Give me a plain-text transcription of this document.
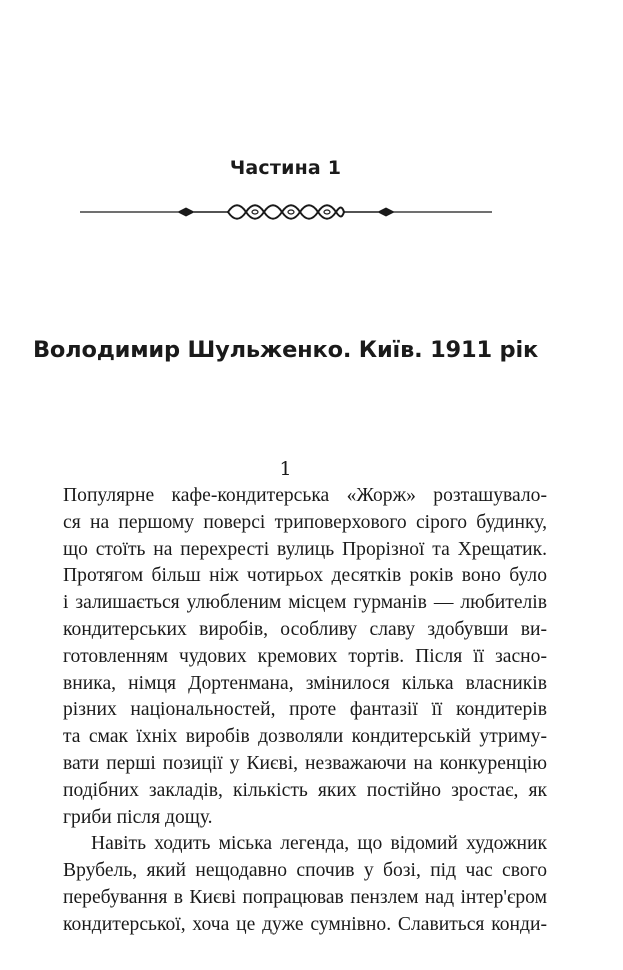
Частина 1
Володимир Шульженко. Київ. 1911 рік
1
Популярне кафе-кондитерська «Жорж» розташувало-
ся на першому поверсі триповерхового сірого будинку,
що стоїть на перехресті вулиць Прорізної та Хрещатик.
Протягом більш ніж чотирьох десятків років воно було
і залишається улюбленим місцем гурманів — любителів
кондитерських виробів, особливу славу здобувши ви-
готовленням чудових кремових тортів. Після її засно-
вника, німця Дортенмана, змінилося кілька власників
різних національностей, проте фантазії її кондитерів
та смак їхніх виробів дозволяли кондитерській утриму-
вати перші позиції у Києві, незважаючи на конкуренцію
подібних закладів, кількість яких постійно зростає, як
гриби після дощу.
Навіть ходить міська легенда, що відомий художник
Врубель, який нещодавно спочив у бозі, під час свого
перебування в Києві попрацював пензлем над інтер'єром
кондитерської, хоча це дуже сумнівно. Славиться конди-
